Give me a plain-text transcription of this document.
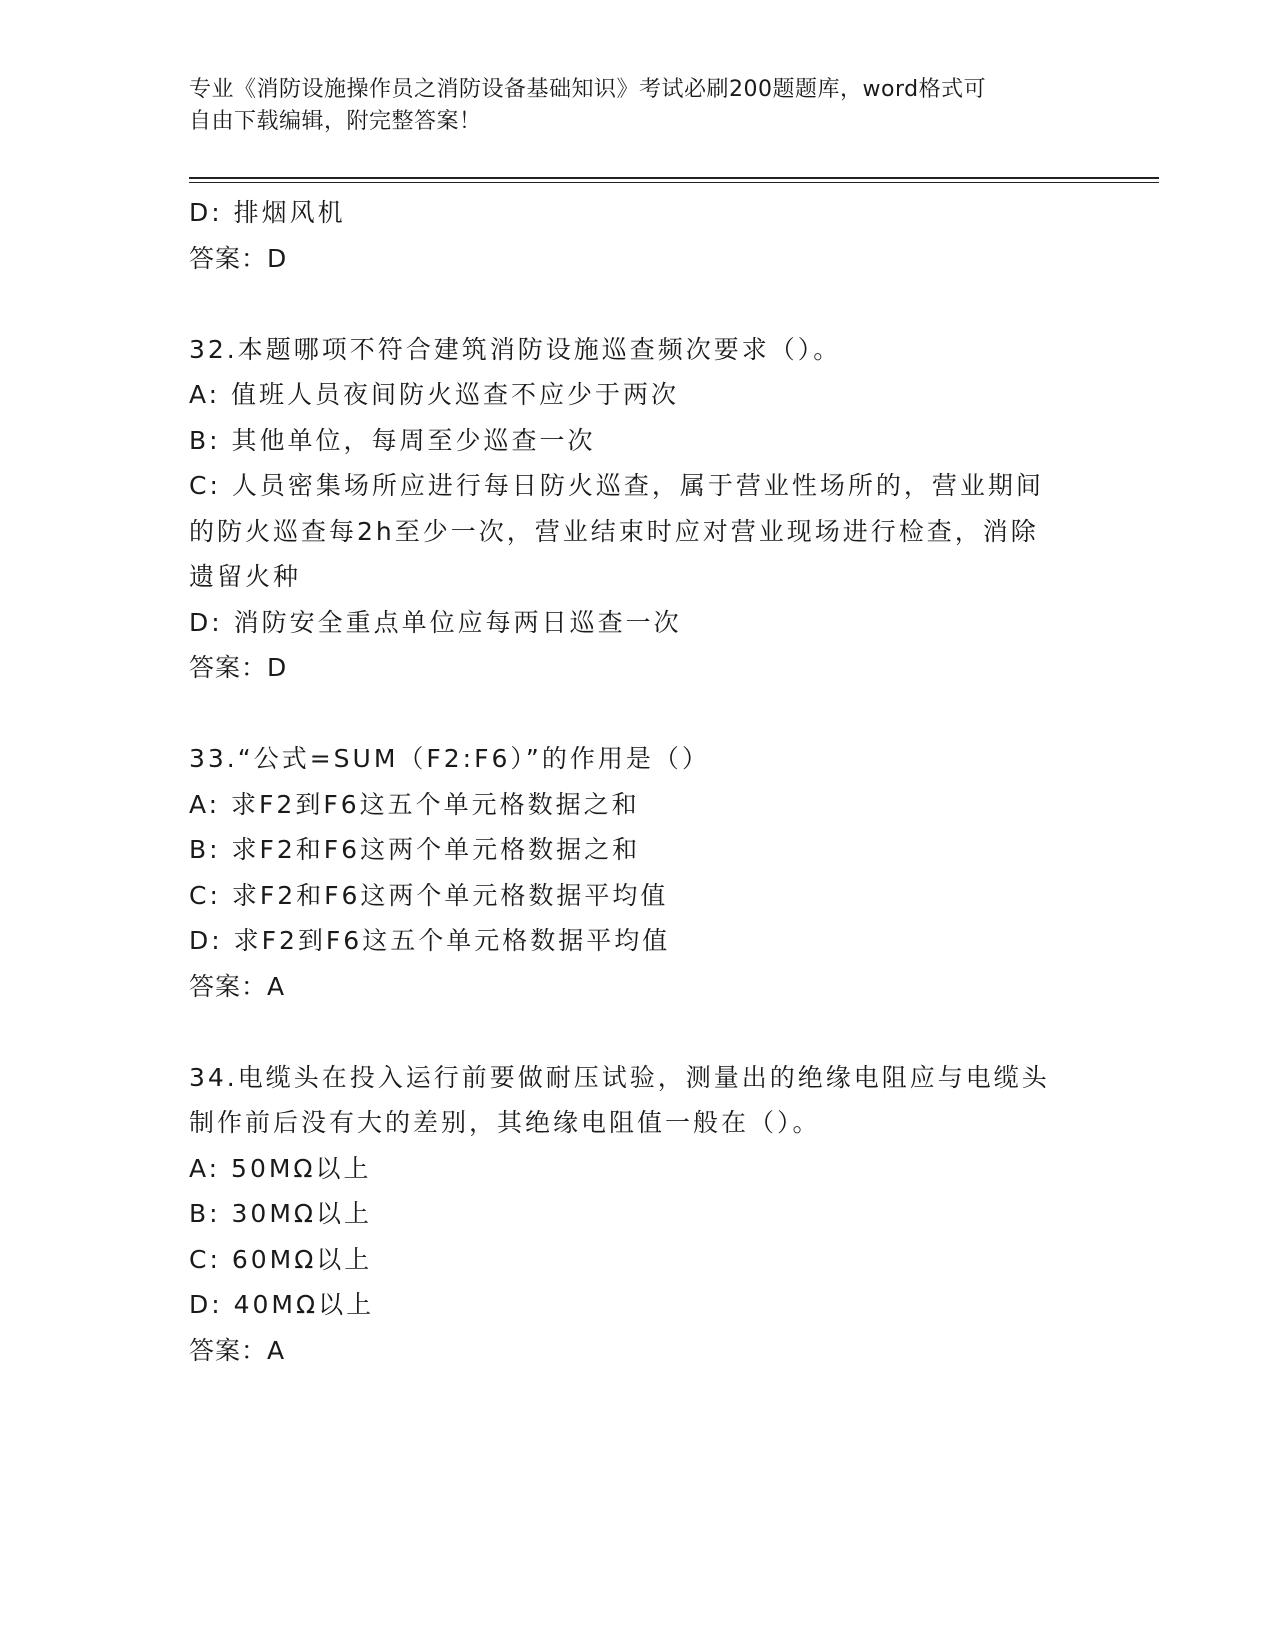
专业《消防设施操作员之消防设备基础知识》考试必刷200题题库，word格式可
自由下载编辑，附完整答案！
D: 排烟风机
答案：D
32.本题哪项不符合建筑消防设施巡查频次要求（）。
A: 值班人员夜间防火巡查不应少于两次
B: 其他单位，每周至少巡查一次
C: 人员密集场所应进行每日防火巡查，属于营业性场所的，营业期间
的防火巡查每2h至少一次，营业结束时应对营业现场进行检查，消除
遗留火种
D: 消防安全重点单位应每两日巡查一次
答案：D
33.“公式=SUM（F2:F6）”的作用是（）
A: 求F2到F6这五个单元格数据之和
B: 求F2和F6这两个单元格数据之和
C: 求F2和F6这两个单元格数据平均值
D: 求F2到F6这五个单元格数据平均值
答案：A
34.电缆头在投入运行前要做耐压试验，测量出的绝缘电阻应与电缆头
制作前后没有大的差别，其绝缘电阻值一般在（）。
A: 50MΩ以上
B: 30MΩ以上
C: 60MΩ以上
D: 40MΩ以上
答案：A
